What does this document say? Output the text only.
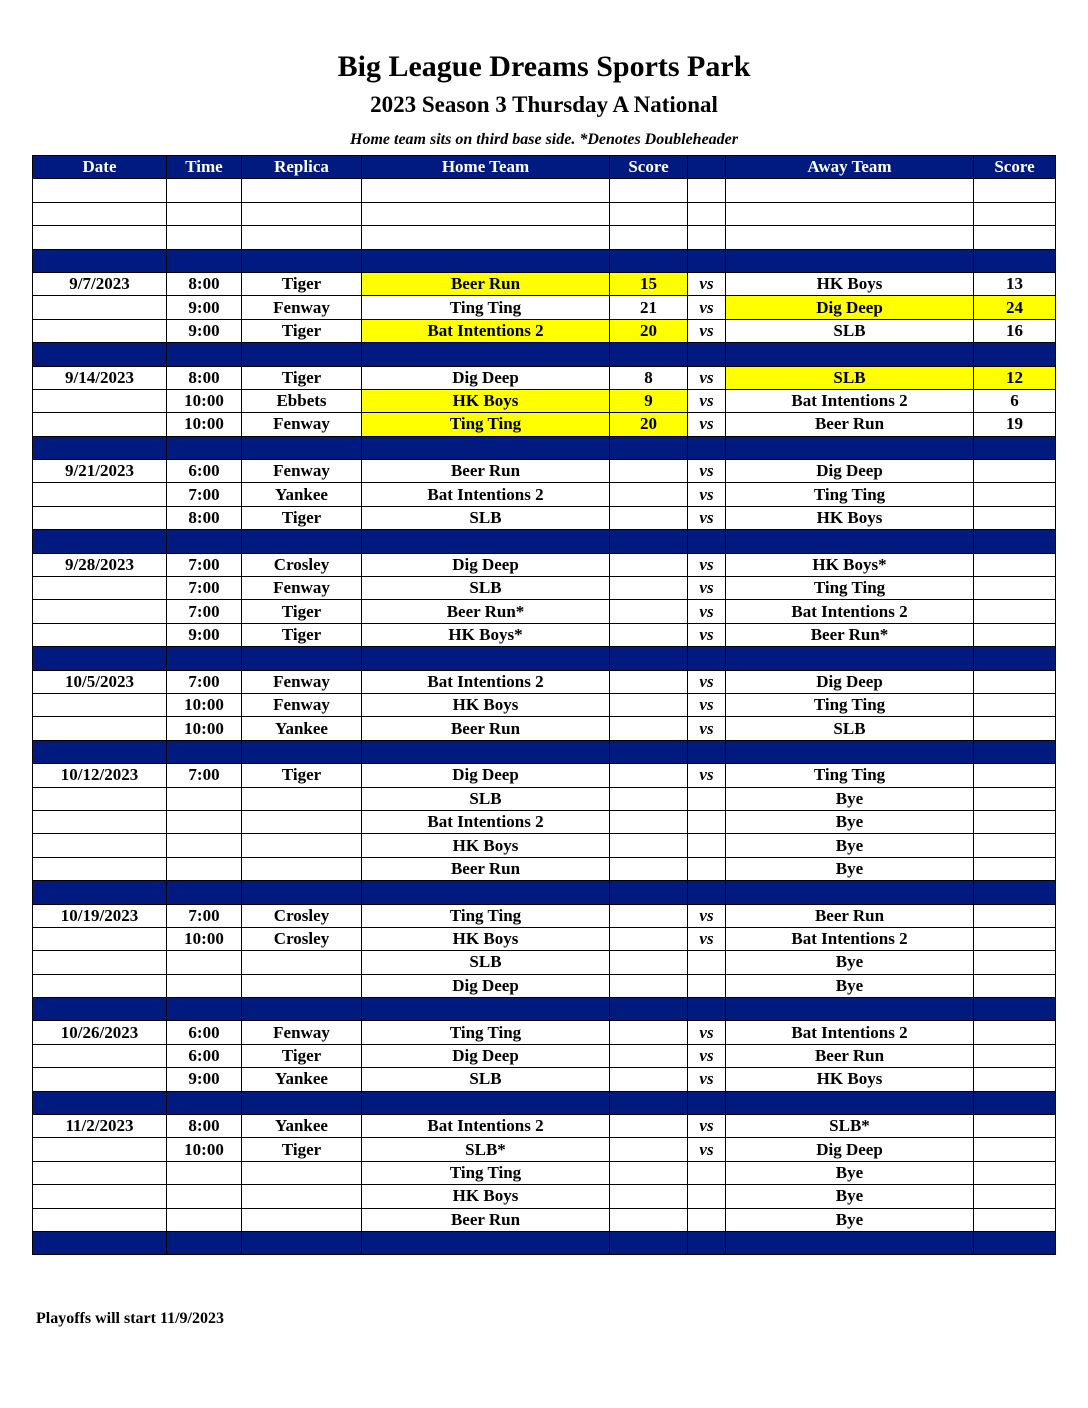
Big League Dreams Sports Park
2023 Season 3 Thursday A National
Home team sits on third base side. *Denotes Doubleheader
Date	Time	Replica	Home Team	Score		Away Team	Score

9/7/2023	8:00	Tiger	Beer Run	15	vs	HK Boys	13
	9:00	Fenway	Ting Ting	21	vs	Dig Deep	24
	9:00	Tiger	Bat Intentions 2	20	vs	SLB	16

9/14/2023	8:00	Tiger	Dig Deep	8	vs	SLB	12
	10:00	Ebbets	HK Boys	9	vs	Bat Intentions 2	6
	10:00	Fenway	Ting Ting	20	vs	Beer Run	19

9/21/2023	6:00	Fenway	Beer Run		vs	Dig Deep	
	7:00	Yankee	Bat Intentions 2		vs	Ting Ting	
	8:00	Tiger	SLB		vs	HK Boys	

9/28/2023	7:00	Crosley	Dig Deep		vs	HK Boys*	
	7:00	Fenway	SLB		vs	Ting Ting	
	7:00	Tiger	Beer Run*		vs	Bat Intentions 2	
	9:00	Tiger	HK Boys*		vs	Beer Run*	

10/5/2023	7:00	Fenway	Bat Intentions 2		vs	Dig Deep	
	10:00	Fenway	HK Boys		vs	Ting Ting	
	10:00	Yankee	Beer Run		vs	SLB	

10/12/2023	7:00	Tiger	Dig Deep		vs	Ting Ting	
			SLB			Bye	
			Bat Intentions 2			Bye	
			HK Boys			Bye	
			Beer Run			Bye	

10/19/2023	7:00	Crosley	Ting Ting		vs	Beer Run	
	10:00	Crosley	HK Boys		vs	Bat Intentions 2	
			SLB			Bye	
			Dig Deep			Bye	

10/26/2023	6:00	Fenway	Ting Ting		vs	Bat Intentions 2	
	6:00	Tiger	Dig Deep		vs	Beer Run	
	9:00	Yankee	SLB		vs	HK Boys	

11/2/2023	8:00	Yankee	Bat Intentions 2		vs	SLB*	
	10:00	Tiger	SLB*		vs	Dig Deep	
			Ting Ting			Bye	
			HK Boys			Bye	
			Beer Run			Bye	

Playoffs will start 11/9/2023
